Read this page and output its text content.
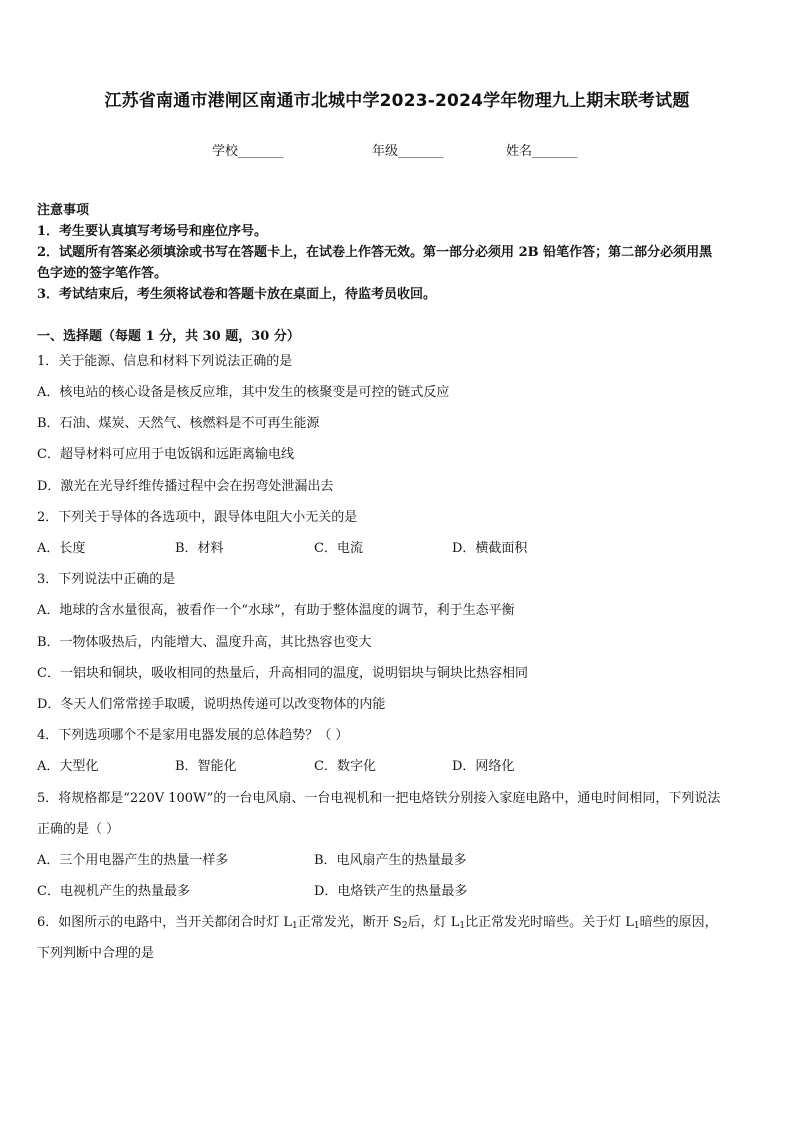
江苏省南通市港闸区南通市北城中学2023-2024学年物理九上期末联考试题
学校_______	年级_______	姓名_______
注意事项
1．考生要认真填写考场号和座位序号。
2．试题所有答案必须填涂或书写在答题卡上，在试卷上作答无效。第一部分必须用 2B 铅笔作答；第二部分必须用黑
色字迹的签字笔作答。
3．考试结束后，考生须将试卷和答题卡放在桌面上，待监考员收回。
一、选择题（每题 1 分，共 30 题，30 分）
1．关于能源、信息和材料下列说法正确的是
A．核电站的核心设备是核反应堆，其中发生的核聚变是可控的链式反应
B．石油、煤炭、天然气、核燃料是不可再生能源
C．超导材料可应用于电饭锅和远距离输电线
D．激光在光导纤维传播过程中会在拐弯处泄漏出去
2．下列关于导体的各选项中，跟导体电阻大小无关的是
A．长度	B．材料	C．电流	D．横截面积
3．下列说法中正确的是
A．地球的含水量很高，被看作一个“水球”，有助于整体温度的调节，利于生态平衡
B．一物体吸热后，内能增大、温度升高，其比热容也变大
C．一铝块和铜块，吸收相同的热量后，升高相同的温度，说明铝块与铜块比热容相同
D．冬天人们常常搓手取暖，说明热传递可以改变物体的内能
4．下列选项哪个不是家用电器发展的总体趋势？（ ）
A．大型化	B．智能化	C．数字化	D．网络化
5．将规格都是“220V 100W”的一台电风扇、一台电视机和一把电烙铁分别接入家庭电路中，通电时间相同，下列说法
正确的是（ ）
A．三个用电器产生的热量一样多	B．电风扇产生的热量最多
C．电视机产生的热量最多	D．电烙铁产生的热量最多
6．如图所示的电路中，当开关都闭合时灯 $L_1$正常发光，断开 $S_2$后，灯 $L_1$比正常发光时暗些。关于灯 $L_1$暗些的原因，
下列判断中合理的是
